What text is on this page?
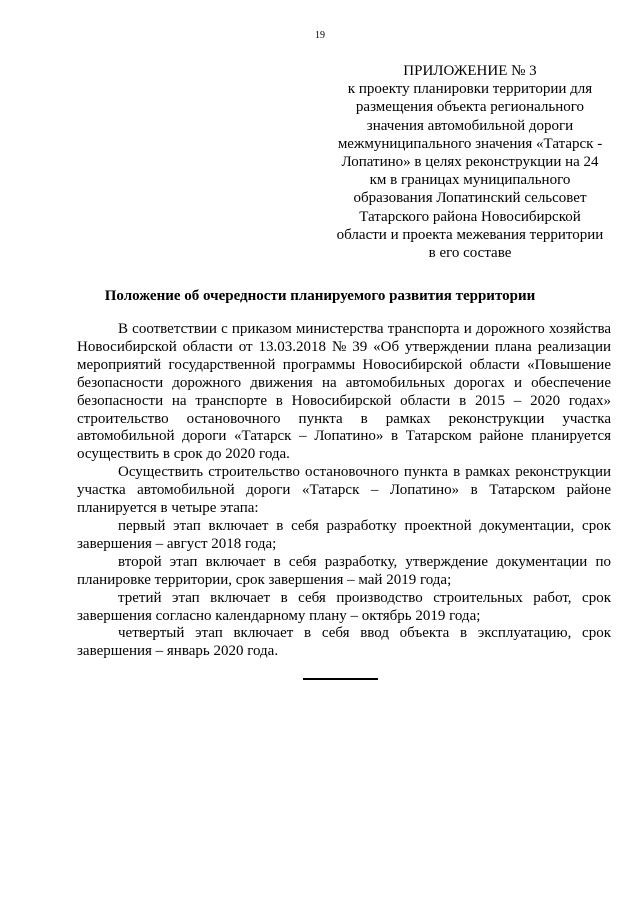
19
ПРИЛОЖЕНИЕ № 3
к проекту планировки территории для
размещения объекта регионального
значения автомобильной дороги
межмуниципального значения «Татарск -
Лопатино» в целях реконструкции на 24
км в границах муниципального
образования Лопатинский сельсовет
Татарского района Новосибирской
области и проекта межевания территории
в его составе
Положение об очередности планируемого развития территории
В соответствии с приказом министерства транспорта и дорожного хозяйства
Новосибирской области от 13.03.2018 № 39 «Об утверждении плана реализации
мероприятий государственной программы Новосибирской области «Повышение
безопасности дорожного движения на автомобильных дорогах и обеспечение
безопасности на транспорте в Новосибирской области в 2015 – 2020 годах»
строительство остановочного пункта в рамках реконструкции участка
автомобильной дороги «Татарск – Лопатино» в Татарском районе планируется
осуществить в срок до 2020 года.
Осуществить строительство остановочного пункта в рамках реконструкции
участка автомобильной дороги «Татарск – Лопатино» в Татарском районе
планируется в четыре этапа:
первый этап включает в себя разработку проектной документации, срок
завершения – август 2018 года;
второй этап включает в себя разработку, утверждение документации по
планировке территории, срок завершения – май 2019 года;
третий этап включает в себя производство строительных работ, срок
завершения согласно календарному плану – октябрь 2019 года;
четвертый этап включает в себя ввод объекта в эксплуатацию, срок
завершения – январь 2020 года.
